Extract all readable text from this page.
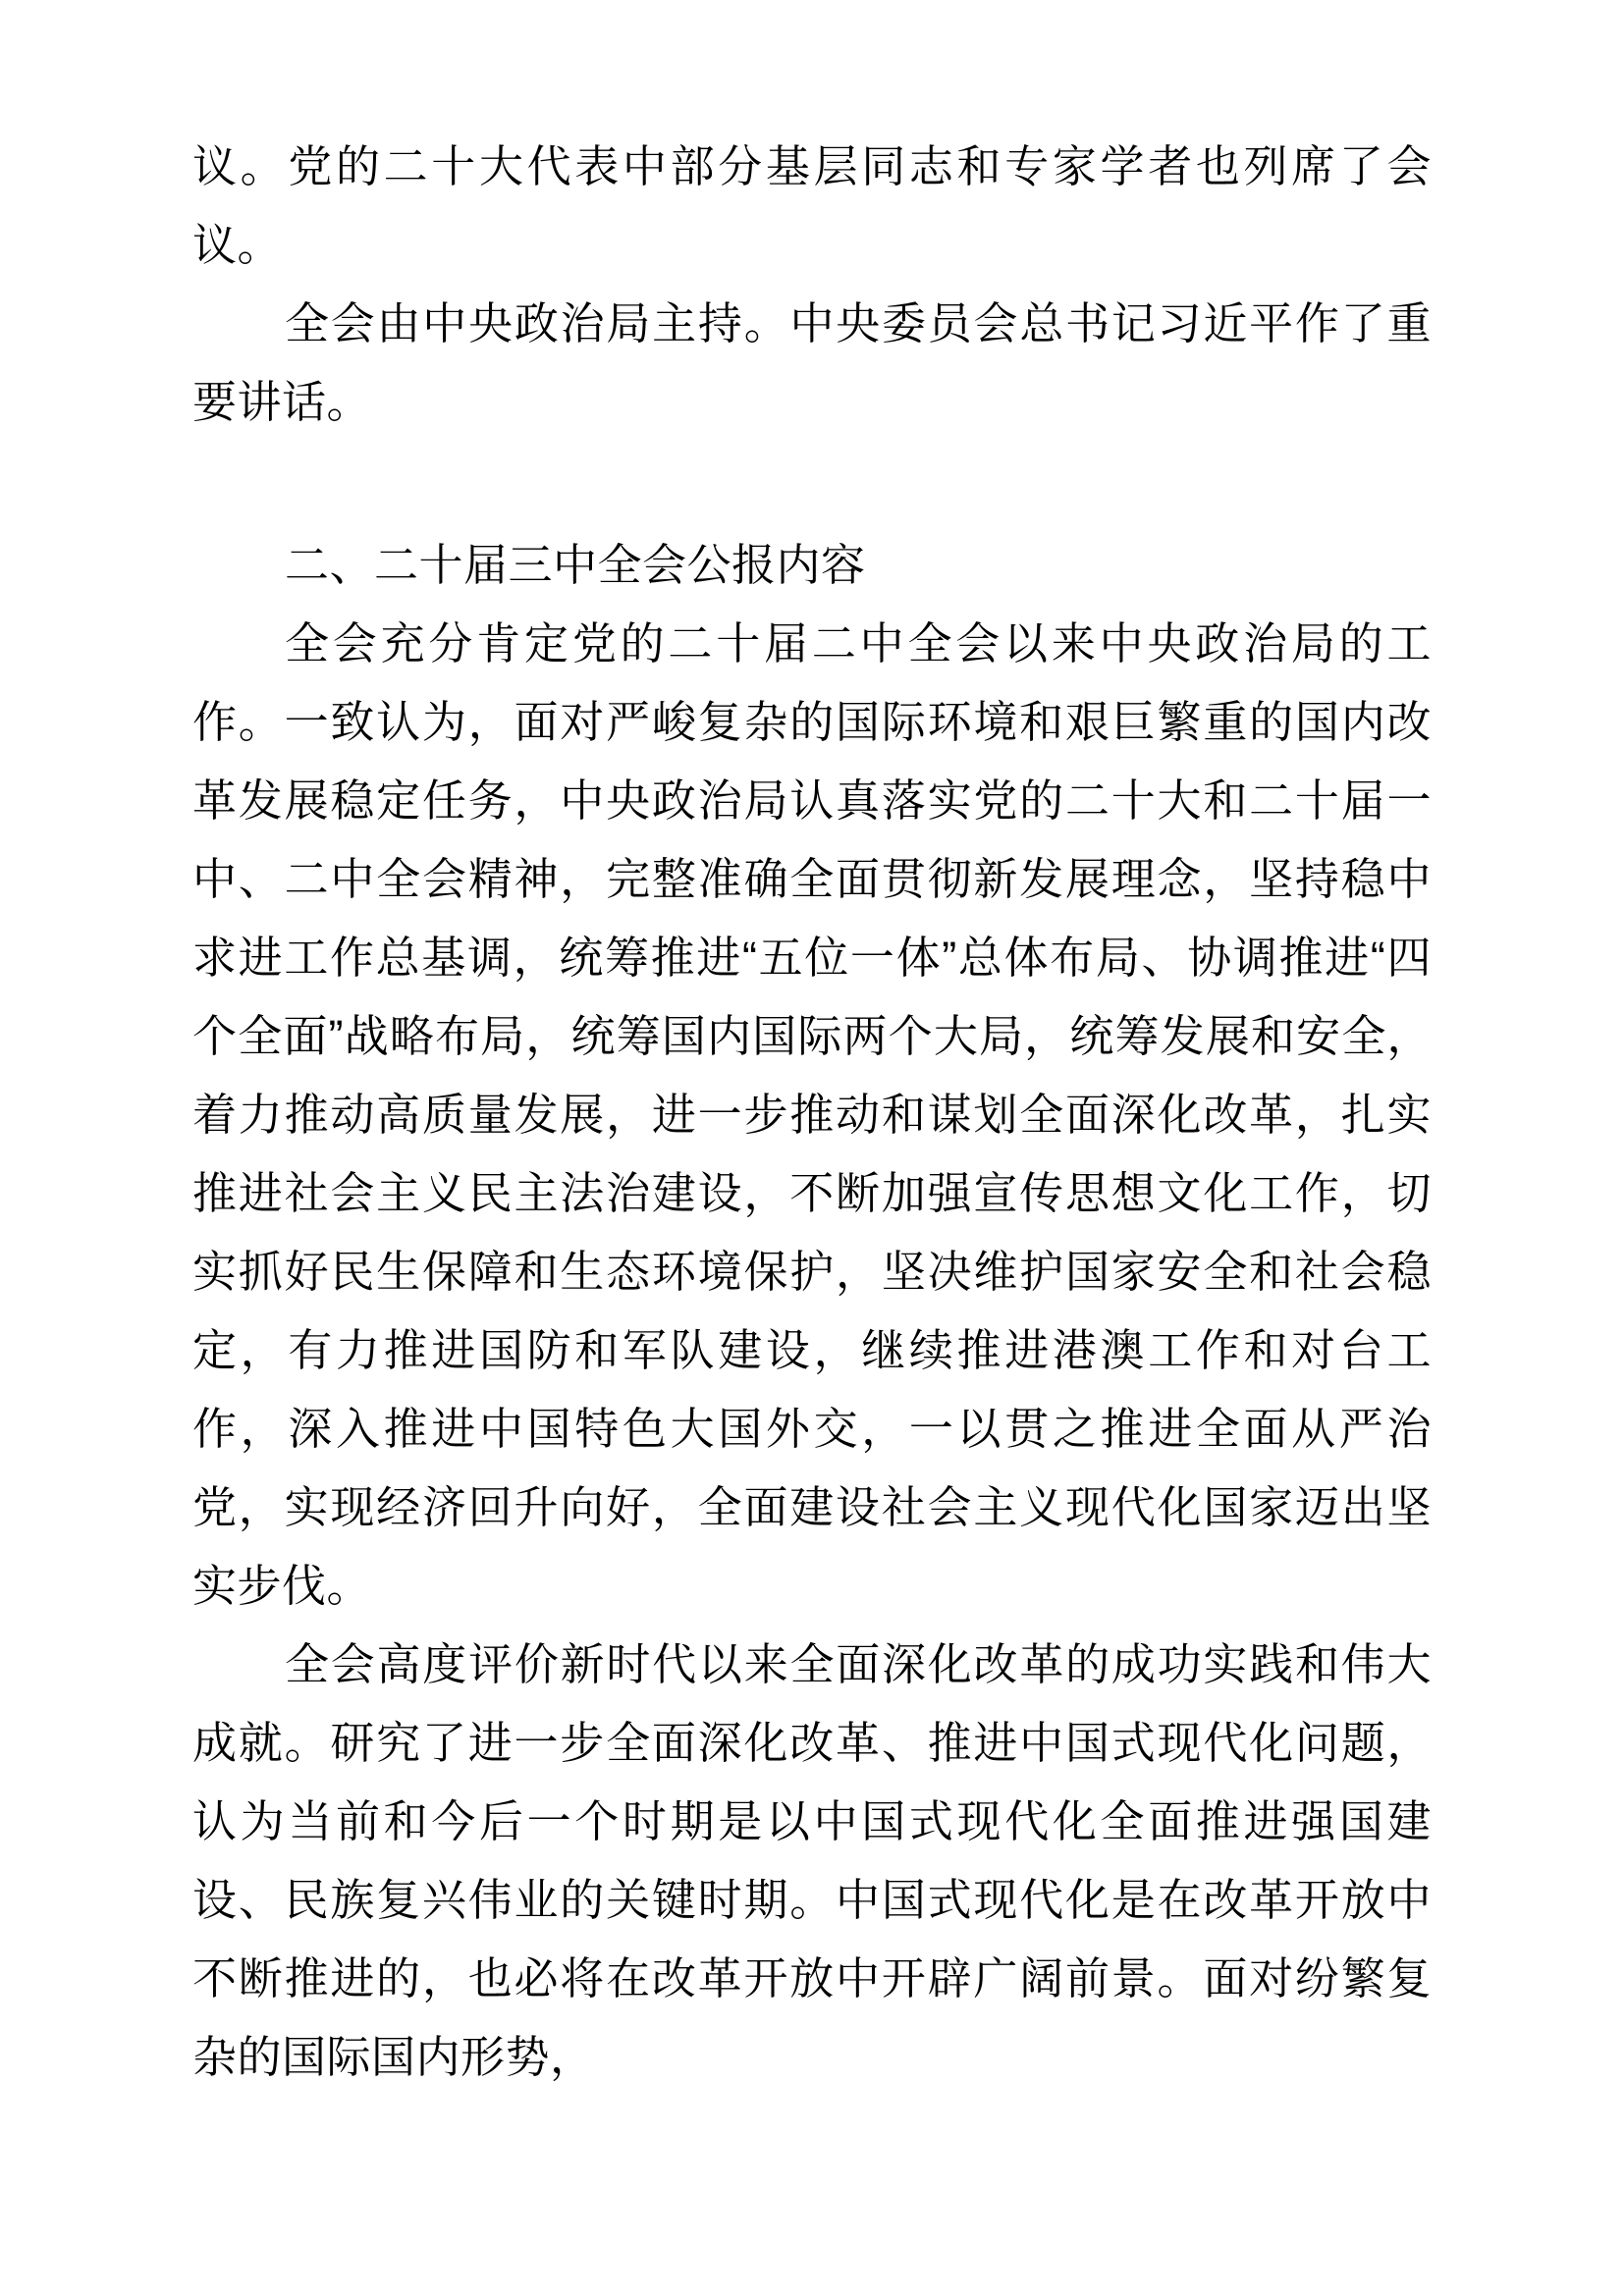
议。党的二十大代表中部分基层同志和专家学者也列席了会议。

全会由中央政治局主持。中央委员会总书记习近平作了重要讲话。

二、二十届三中全会公报内容

全会充分肯定党的二十届二中全会以来中央政治局的工作。一致认为，面对严峻复杂的国际环境和艰巨繁重的国内改革发展稳定任务，中央政治局认真落实党的二十大和二十届一中、二中全会精神，完整准确全面贯彻新发展理念，坚持稳中求进工作总基调，统筹推进“五位一体”总体布局、协调推进“四个全面”战略布局，统筹国内国际两个大局，统筹发展和安全，着力推动高质量发展，进一步推动和谋划全面深化改革，扎实推进社会主义民主法治建设，不断加强宣传思想文化工作，切实抓好民生保障和生态环境保护，坚决维护国家安全和社会稳定，有力推进国防和军队建设，继续推进港澳工作和对台工作，深入推进中国特色大国外交，一以贯之推进全面从严治党，实现经济回升向好，全面建设社会主义现代化国家迈出坚实步伐。

全会高度评价新时代以来全面深化改革的成功实践和伟大成就。研究了进一步全面深化改革、推进中国式现代化问题，认为当前和今后一个时期是以中国式现代化全面推进强国建设、民族复兴伟业的关键时期。中国式现代化是在改革开放中不断推进的，也必将在改革开放中开辟广阔前景。面对纷繁复杂的国际国内形势，
